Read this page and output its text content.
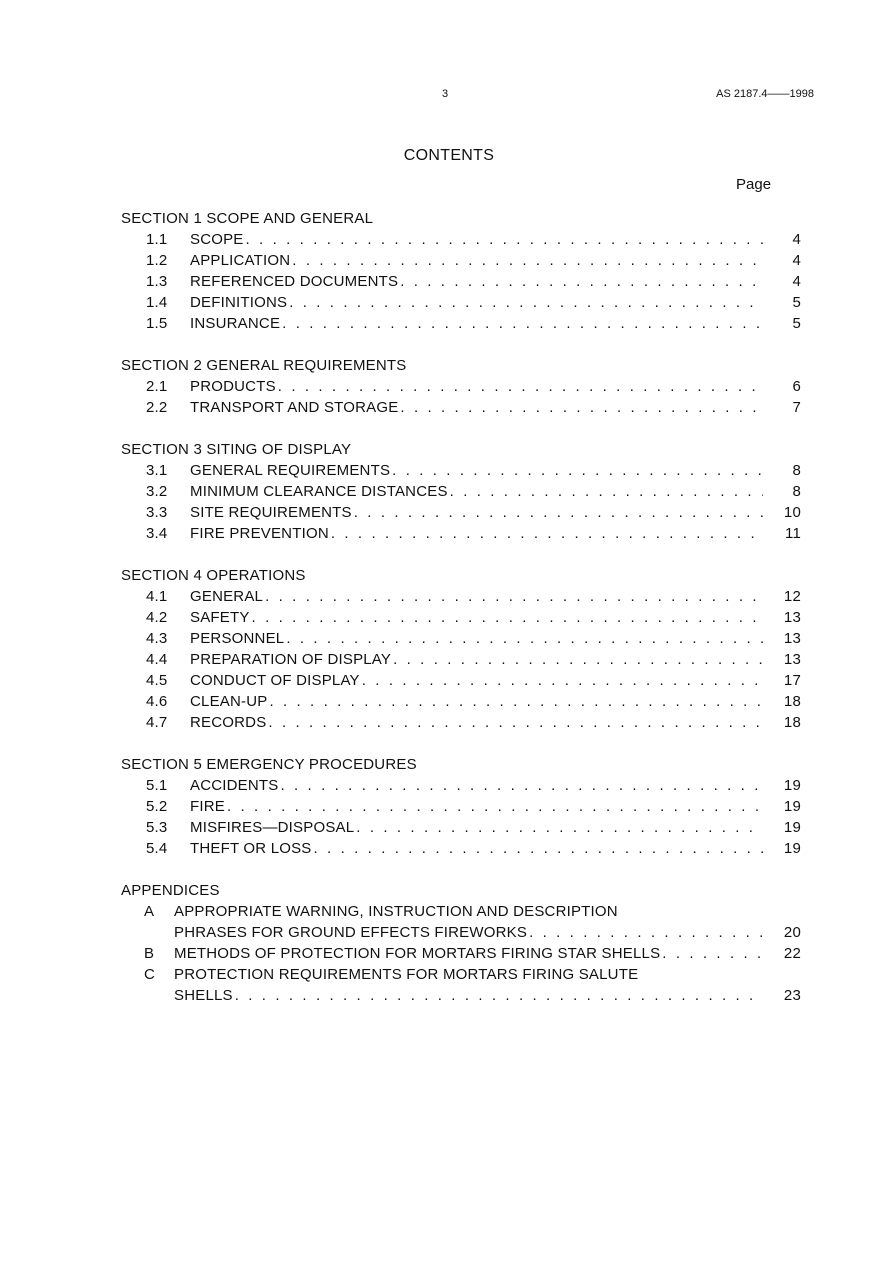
3	AS 2187.4——1998
CONTENTS
Page
SECTION 1 SCOPE AND GENERAL
1.1	SCOPE . . .	4
1.2	APPLICATION . . .	4
1.3	REFERENCED DOCUMENTS . . .	4
1.4	DEFINITIONS . . .	5
1.5	INSURANCE . . .	5
SECTION 2 GENERAL REQUIREMENTS
2.1	PRODUCTS . . .	6
2.2	TRANSPORT AND STORAGE . . .	7
SECTION 3 SITING OF DISPLAY
3.1	GENERAL REQUIREMENTS . . .	8
3.2	MINIMUM CLEARANCE DISTANCES . . .	8
3.3	SITE REQUIREMENTS . . .	10
3.4	FIRE PREVENTION . . .	11
SECTION 4 OPERATIONS
4.1	GENERAL . . .	12
4.2	SAFETY . . .	13
4.3	PERSONNEL . . .	13
4.4	PREPARATION OF DISPLAY . . .	13
4.5	CONDUCT OF DISPLAY . . .	17
4.6	CLEAN-UP . . .	18
4.7	RECORDS . . .	18
SECTION 5 EMERGENCY PROCEDURES
5.1	ACCIDENTS . . .	19
5.2	FIRE . . .	19
5.3	MISFIRES—DISPOSAL . . .	19
5.4	THEFT OR LOSS . . .	19
APPENDICES
A	APPROPRIATE WARNING, INSTRUCTION AND DESCRIPTION
PHRASES FOR GROUND EFFECTS FIREWORKS . . .	20
B	METHODS OF PROTECTION FOR MORTARS FIRING STAR SHELLS . . .	22
C	PROTECTION REQUIREMENTS FOR MORTARS FIRING SALUTE
SHELLS . . .	23
